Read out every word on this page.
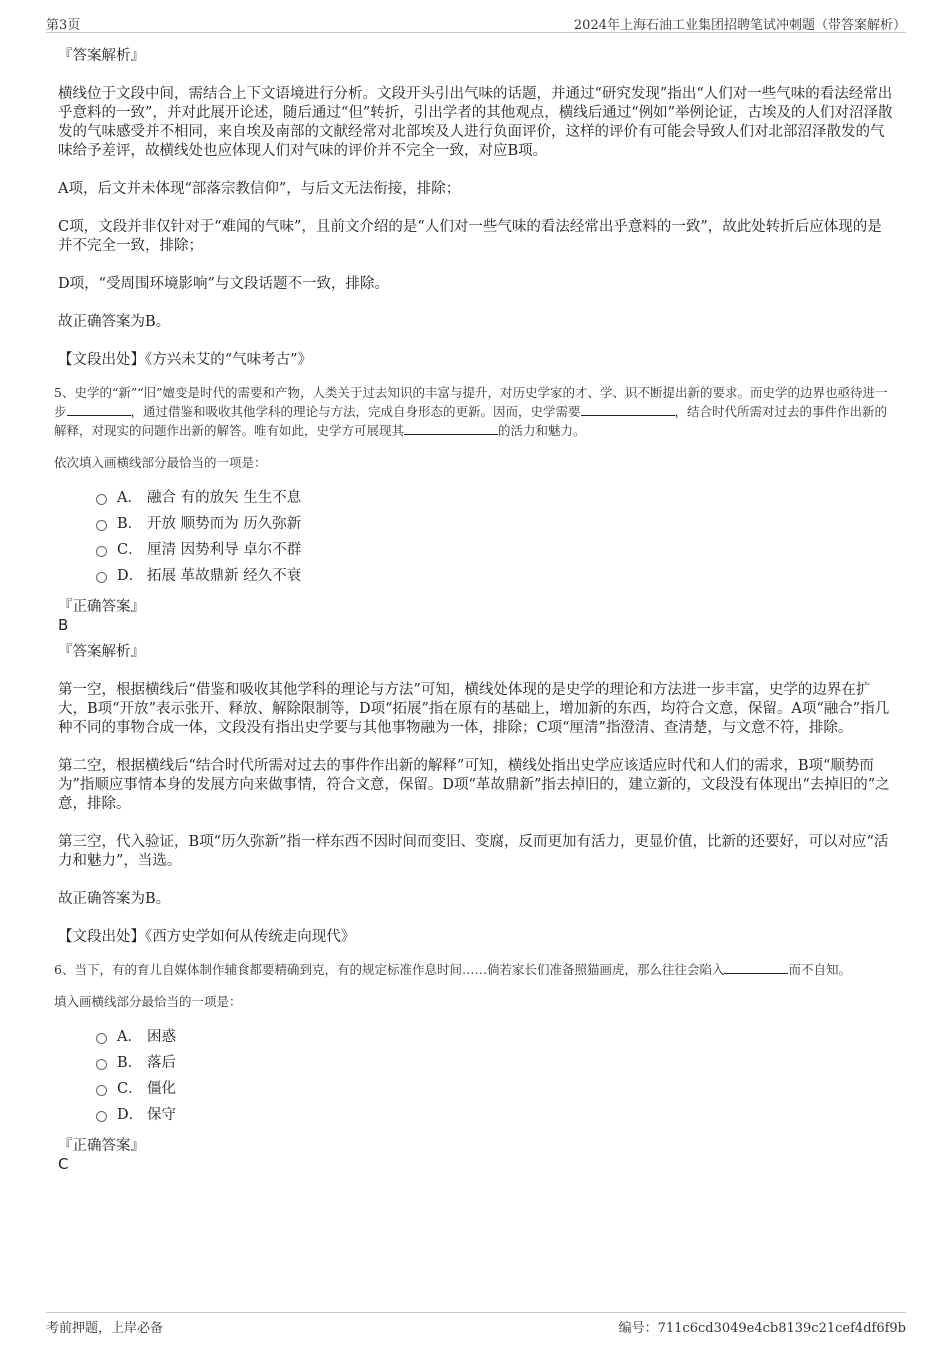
第3页	2024年上海石油工业集团招聘笔试冲刺题（带答案解析）
『答案解析』

横线位于文段中间，需结合上下文语境进行分析。文段开头引出气味的话题，并通过“研究发现”指出“人们对一些气味的看法经常出乎意料的一致”，并对此展开论述，随后通过“但”转折，引出学者的其他观点，横线后通过“例如”举例论证，古埃及的人们对沼泽散发的气味感受并不相同，来自埃及南部的文献经常对北部埃及人进行负面评价，这样的评价有可能会导致人们对北部沼泽散发的气味给予差评，故横线处也应体现人们对气味的评价并不完全一致，对应B项。

A项，后文并未体现“部落宗教信仰”，与后文无法衔接，排除；

C项，文段并非仅针对于“难闻的气味”，且前文介绍的是“人们对一些气味的看法经常出乎意料的一致”，故此处转折后应体现的是并不完全一致，排除；

D项，“受周围环境影响”与文段话题不一致，排除。

故正确答案为B。

【文段出处】《方兴未艾的“气味考古”》

5、史学的“新”“旧”嬗变是时代的需要和产物，人类关于过去知识的丰富与提升，对历史学家的才、学、识不断提出新的要求。而史学的边界也亟待进一步	，通过借鉴和吸收其他学科的理论与方法，完成自身形态的更新。因而，史学需要	，结合时代所需对过去的事件作出新的解释，对现实的问题作出新的解答。唯有如此，史学方可展现其	的活力和魅力。
依次填入画横线部分最恰当的一项是：
A． 融合 有的放矢 生生不息
B． 开放 顺势而为 历久弥新
C． 厘清 因势利导 卓尔不群
D． 拓展 革故鼎新 经久不衰
『正确答案』
B
『答案解析』

第一空，根据横线后“借鉴和吸收其他学科的理论与方法”可知，横线处体现的是史学的理论和方法进一步丰富，史学的边界在扩大，B项“开放”表示张开、释放、解除限制等，D项“拓展”指在原有的基础上，增加新的东西，均符合文意，保留。A项“融合”指几种不同的事物合成一体，文段没有指出史学要与其他事物融为一体，排除；C项“厘清”指澄清、查清楚，与文意不符，排除。

第二空，根据横线后“结合时代所需对过去的事件作出新的解释”可知，横线处指出史学应该适应时代和人们的需求，B项“顺势而为”指顺应事情本身的发展方向来做事情，符合文意，保留。D项“革故鼎新”指去掉旧的，建立新的，文段没有体现出“去掉旧的”之意，排除。

第三空，代入验证，B项“历久弥新”指一样东西不因时间而变旧、变腐，反而更加有活力，更显价值，比新的还要好，可以对应“活力和魅力”，当选。

故正确答案为B。

【文段出处】《西方史学如何从传统走向现代》

6、当下，有的育儿自媒体制作辅食都要精确到克，有的规定标准作息时间……倘若家长们准备照猫画虎，那么往往会陷入	而不自知。
填入画横线部分最恰当的一项是：
A． 困惑
B． 落后
C． 僵化
D． 保守
『正确答案』
C
考前押题，上岸必备	编号：711c6cd3049e4cb8139c21cef4df6f9b
